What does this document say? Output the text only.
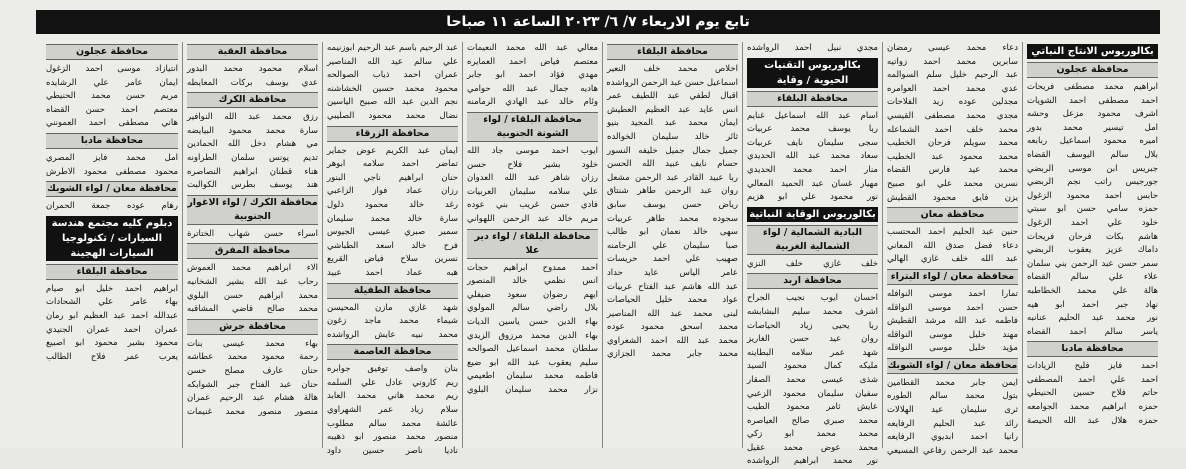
تابع يوم الاربعاء ٧/ ٦/ ٢٠٢٣ الساعة ١١ صباحا
بكالوريوس الانتاج النباتي
محافظة عجلون
ابراهيم محمد مصطفى فريحات
احمد مصطفى احمد الشويات
اشرف محمود مزعل وحشه
امل تيسير محمد بدور
اميره محمود اسماعيل ربابعه
بلال سالم اليوسف القضاه
جبريس ابن موسى الربضي
جورجيس راتب نجم الربضي
حابس احمد محمود الزغول
حمزه سامي حسن ابو سبتي
خلود علي احمد الزغول
هاشم بكات فرحان فريحات
داماك عزيز يعقوب الربضي
سمر حسن عبد الرحمن بني سلمان
علاء علي سالم القضاه
هالة علي محمد الخطاطبه
نهاد جبر احمد ابو هيه
نور محمد عبد الحليم عنانبه
ياسر سالم احمد القضاه
محافظة مادبا
احمد فايز فليح الزيادات
احمد علي احمد المصطفى
حاتم فلاح حسين الحنيطي
حمزه ابراهيم محمد الجوامعه
حمزه هلال عبد الله الحيصة
دعاء محمد عيسى رمضان
سابرين محمد احمد زواتيه
عبد الرحيم خليل سلم السوالمه
عدي محمد احمد العوامره
مجدلين عوده زيد الفلاحات
مجدي محمد مصطفى القيسي
محمد خلف احمد الشماعله
محمد سويلم فرحان الخطيب
محمد محمود عبد الخطيب
محمد عيد فارس القضاه
نسرين محمد علي ابو صبيح
يزن فايق محمود القطيش
محافظة معان
حنين عبد الحليم احمد المحتسب
دعاء فضل صدق الله المعاني
عبد الله خلف غازي الهالي
محافظة معان / لواء البتراء
تمارا احمد موسى النوافله
حسن احمد موسى النواقله
فاطمه عبد الله مرشد القطيش
مهند خليل موسى النواقله
مؤيد خليل موسى النواقله
محافظة معان / لواء الشوبك
ايمن جابر محمد القطامين
بتول محمد سالم الطوره
ثرى سليمان عيد الهلالات
رائد عبد الحليم الرفايعه
رانيا احمد ابديوي الرفايعه
محمد عبد الرحمن رفاعي المسيعي
مجدي نبيل احمد الرواشده
بكالوريوس التقنيات الحيوية / وقاية
محافظة البلقاء
اسام عبد الله اسماعيل غنايم
ربا يوسف محمد عربيات
سجى سليمان نايف عربيات
سعاد محمد عبد الله الحديدي
منار احمد محمد الحديدي
مهيار غسان عبد الحميد المعالي
نور محمود علي ابو هزيم
بكالوريوس الوقاية النباتية
البادية الشمالية / لواء الشمالية الغربية
خلف غازي خلف النزي
محافظة اربد
احسان ايوب نجيب الجراح
اشرف محمد سليم البشابشه
ربا يحيى زياد الحياصات
روان عيد حسن الغاريز
شهد عمر سلامه البطاينه
مليكه كمال محمود السيد
شذى عيسى محمد الصقار
سفيان سليمان محمود الزعبي
عايش ثامر محمود الطيب
محمد صبري صالح العياصره
محمد محمد ابو زكي
محمد عوض محمد عقيل
نور محمد ابراهيم الرواشده
محافظة البلقاء
اخلاص محمد خلف النعير
اسماعيل حسن عبد الرحمن الرواشده
اقبال لطفي عبد اللطيف عمر
انس عايد عبد العظيم العطيش
ايمان محمد عبد المجيد بنيو
ثائر خالد سليمان الخوالده
جميل جمال جميل خليفه النسور
حسام نايف عبيد الله الحسن
ربا عبيد القادر عبد الرحمن مشعل
روان عبد الرحمن طاهر شنتاق
رياض حسن يوسف سابق
سجوده محمد طاهر عربيات
سهى خالد نعمان ابو طالب
صبا سليمان علي الرحامنه
صهيب علي احمد حريسات
عامر الياس عايد حداد
عبد الله هاشم عبد الفتاح عربيات
عواد محمد خليل الحياصات
لبنى محمد عبد الله المناصير
محمد اسحق محمود عوده
محمد عبد الله احمد الشعراوي
محمد جابر محمد الجزازي
معالي عبد الله محمد النعيمات
معتصم فياض احمد العمايره
مهدي فؤاد احمد ابو جابر
هاديه جمال عبد الله حوامي
وئام خالد عبد الهادي الرمامنه
محافظة البلقاء / لواء الشونة الجنوبية
ايوب احمد موسى جاد الله
خلود بشير فلاح حسن
رزان شاهر عبد الله العدوان
علي سلامه سليمان العربيات
فادي حسن غريب بني عوده
مريم خالد عبد الرحمن اللهواني
محافظة البلقاء / لواء دير علا
احمد ممدوح ابراهيم حجات
انس نظمي خالد المنصور
ايهم رضوان سعود ضيفلي
بلال راضي سالم المولوي
بهاء الدين حسن ياسين الديات
بهاء الدين محمد مرزوق الزيدي
سلطان محمد اسماعيل الصوالحه
سليم يعقوب عبد الله ابو ضيع
فاطمه محمد سليمان اطعيمي
نزار محمد سليمان البلوي
عبد الرحيم باسم عبد الرحيم ابوزنيمه
علي سالم عيد الله المناصير
عمران احمد ذياب الصوالحه
محمود محمد حسين الخشاشنه
نجم الدين عبد الله صبيح الياسين
نضال محمد محمود الصليبي
محافظة الزرقاء
ايمان عبد الكريم عوض جماير
تماضر احمد سلامه ابوهر
حنان ابراهيم ناجي البنور
رزان عماد فواز الزاعبي
رغد خالد محمود ذلول
سارة خالد محمد سليمان
سمير صبري عيسى الجيوس
فرح خالد اسعد الطباشي
نسرين سلاح فياض القريع
هبه عماد احمد عبيد
محافظة الطفيلة
شهد غازي مازن المحيسن
شيماء محمد ماجد زغون
محمد نبيه عايش الرواشده
محافظة العاصمة
بنان واصف توفيق جوابره
ريم كاروني عادل علي السلمه
ريم محمد هاني محمد العابد
سلام زياد عمر الشهراوي
عائشة محمد سالم مطلوب
منصور محمد منصور ابو ذهيبه
ناديا ناصر حسين داود
محافظة العقبة
اسلام محمود محمد البدور
عدي يوسف بركات المعايطه
محافظة الكرك
رزق محمد عبد الله النوافير
سارة محمد محمود البيايضه
مي هشام دخل الله الحمادين
تديم يونس سلمان الطراونه
هناء قطنان ابراهيم النصاصره
هند يوسف بطرس الكوالبت
محافظة الكرك / لواء الاغوار الجنوبية
اسراء حسن شهاب الختاترة
محافظة المفرق
الاء ابراهيم محمد العموش
رحاب عبد الله بشير الشخانيه
محمد ابراهيم حسن البلوي
محمد صالح قاضي المشاقبه
محافظة جرش
بهاء محمد عيسى بنات
رحمة محمود محمد عطاشه
حنان عارف مصلح حسن
حنان عبد الفتاح جبر الشوابكه
هالة هشام عبد الرحيم عمران
منصور منصور محمد غنيمات
محافظة عجلون
انتيازاد موسى احمد الزغول
ايمان عامر علي الرشايده
مريم حسن محمد الحنيطي
معتصم احمد حسن القضاه
هاني مصطفى احمد العمونني
محافظة مادبا
امل محمد فايز المصري
محمود مصطفى محمود الاطرش
محافظة معان / لواء الشوبك
رهام عوده جمعة الحمران
دبلوم كليه مجتمع هندسة السيارات / تكنولوجيا السيارات الهجينة
محافظة البلقاء
ابراهيم احمد خليل ابو صيام
بهاء عامر علي الشحادات
عبدالله احمد عبد العظيم ابو رمان
عمران احمد عمران الجنيدي
محمود بشير محمود ابو اصبيع
يعرب عمر فلاح الطالب
